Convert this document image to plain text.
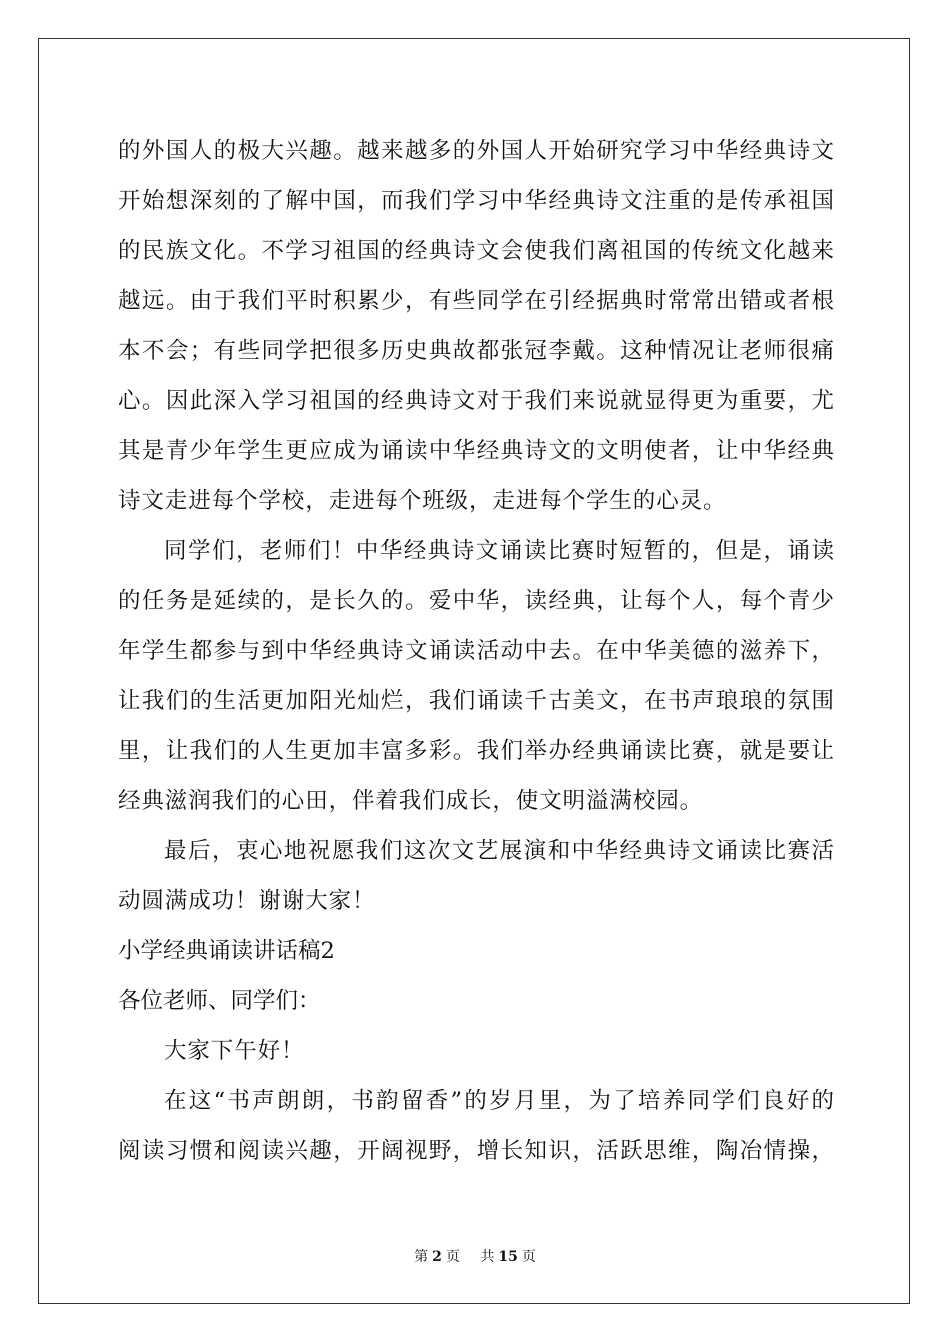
的外国人的极大兴趣。越来越多的外国人开始研究学习中华经典诗文
开始想深刻的了解中国，而我们学习中华经典诗文注重的是传承祖国
的民族文化。不学习祖国的经典诗文会使我们离祖国的传统文化越来
越远。由于我们平时积累少，有些同学在引经据典时常常出错或者根
本不会；有些同学把很多历史典故都张冠李戴。这种情况让老师很痛
心。因此深入学习祖国的经典诗文对于我们来说就显得更为重要，尤
其是青少年学生更应成为诵读中华经典诗文的文明使者，让中华经典
诗文走进每个学校，走进每个班级，走进每个学生的心灵。
同学们，老师们！中华经典诗文诵读比赛时短暂的，但是，诵读
的任务是延续的，是长久的。爱中华，读经典，让每个人，每个青少
年学生都参与到中华经典诗文诵读活动中去。在中华美德的滋养下，
让我们的生活更加阳光灿烂，我们诵读千古美文，在书声琅琅的氛围
里，让我们的人生更加丰富多彩。我们举办经典诵读比赛，就是要让
经典滋润我们的心田，伴着我们成长，使文明溢满校园。
最后，衷心地祝愿我们这次文艺展演和中华经典诗文诵读比赛活
动圆满成功！谢谢大家！
小学经典诵读讲话稿2
各位老师、同学们：
大家下午好！
在这“书声朗朗，书韵留香”的岁月里，为了培养同学们良好的
阅读习惯和阅读兴趣，开阔视野，增长知识，活跃思维，陶冶情操，
第 2 页 共 15 页
